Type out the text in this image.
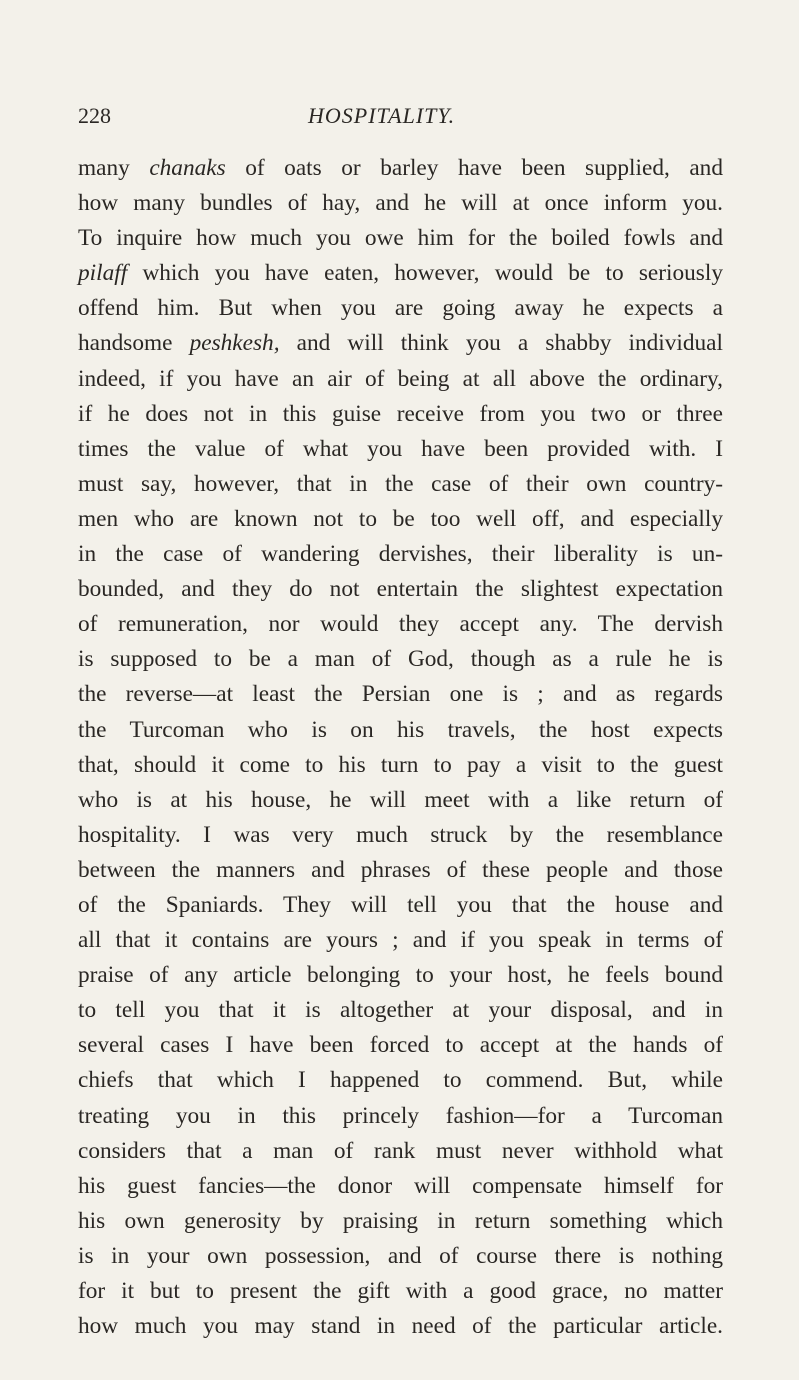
228	HOSPITALITY.
many chanaks of oats or barley have been supplied, and
how many bundles of hay, and he will at once inform you.
To inquire how much you owe him for the boiled fowls and
pilaff which you have eaten, however, would be to seriously
offend him. But when you are going away he expects a
handsome peshkesh, and will think you a shabby individual
indeed, if you have an air of being at all above the ordinary,
if he does not in this guise receive from you two or three
times the value of what you have been provided with. I
must say, however, that in the case of their own country-
men who are known not to be too well off, and especially
in the case of wandering dervishes, their liberality is un-
bounded, and they do not entertain the slightest expectation
of remuneration, nor would they accept any. The dervish
is supposed to be a man of God, though as a rule he is
the reverse—at least the Persian one is ; and as regards
the Turcoman who is on his travels, the host expects
that, should it come to his turn to pay a visit to the guest
who is at his house, he will meet with a like return of
hospitality. I was very much struck by the resemblance
between the manners and phrases of these people and those
of the Spaniards. They will tell you that the house and
all that it contains are yours ; and if you speak in terms of
praise of any article belonging to your host, he feels bound
to tell you that it is altogether at your disposal, and in
several cases I have been forced to accept at the hands of
chiefs that which I happened to commend. But, while
treating you in this princely fashion—for a Turcoman
considers that a man of rank must never withhold what
his guest fancies—the donor will compensate himself for
his own generosity by praising in return something which
is in your own possession, and of course there is nothing
for it but to present the gift with a good grace, no matter
how much you may stand in need of the particular article.
